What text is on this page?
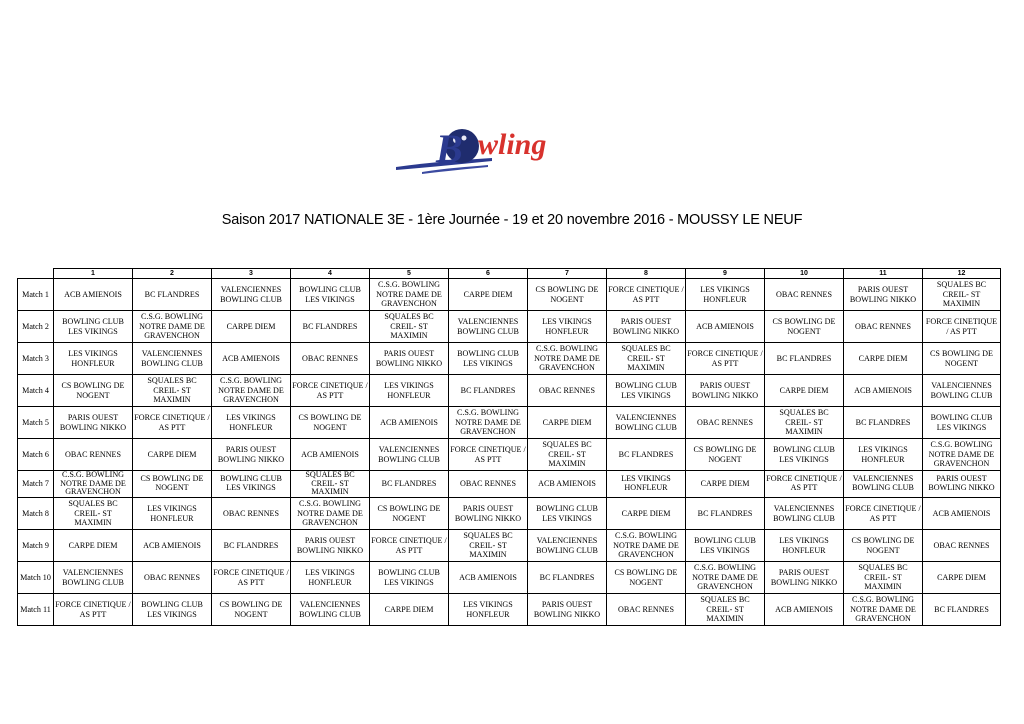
B wling
Saison 2017 NATIONALE 3E - 1ère Journée - 19 et 20 novembre 2016 - MOUSSY LE NEUF
	1	2	3	4	5	6	7	8	9	10	11	12
Match 1	ACB AMIENOIS	BC FLANDRES	VALENCIENNES BOWLING CLUB	BOWLING CLUB LES VIKINGS	C.S.G. BOWLING NOTRE DAME DE GRAVENCHON	CARPE DIEM	CS BOWLING DE NOGENT	FORCE CINETIQUE / AS PTT	LES VIKINGS HONFLEUR	OBAC RENNES	PARIS OUEST BOWLING NIKKO	SQUALES BC CREIL- ST MAXIMIN
Match 2	BOWLING CLUB LES VIKINGS	C.S.G. BOWLING NOTRE DAME DE GRAVENCHON	CARPE DIEM	BC FLANDRES	SQUALES BC CREIL- ST MAXIMIN	VALENCIENNES BOWLING CLUB	LES VIKINGS HONFLEUR	PARIS OUEST BOWLING NIKKO	ACB AMIENOIS	CS BOWLING DE NOGENT	OBAC RENNES	FORCE CINETIQUE / AS PTT
Match 3	LES VIKINGS HONFLEUR	VALENCIENNES BOWLING CLUB	ACB AMIENOIS	OBAC RENNES	PARIS OUEST BOWLING NIKKO	BOWLING CLUB LES VIKINGS	C.S.G. BOWLING NOTRE DAME DE GRAVENCHON	SQUALES BC CREIL- ST MAXIMIN	FORCE CINETIQUE / AS PTT	BC FLANDRES	CARPE DIEM	CS BOWLING DE NOGENT
Match 4	CS BOWLING DE NOGENT	SQUALES BC CREIL- ST MAXIMIN	C.S.G. BOWLING NOTRE DAME DE GRAVENCHON	FORCE CINETIQUE / AS PTT	LES VIKINGS HONFLEUR	BC FLANDRES	OBAC RENNES	BOWLING CLUB LES VIKINGS	PARIS OUEST BOWLING NIKKO	CARPE DIEM	ACB AMIENOIS	VALENCIENNES BOWLING CLUB
Match 5	PARIS OUEST BOWLING NIKKO	FORCE CINETIQUE / AS PTT	LES VIKINGS HONFLEUR	CS BOWLING DE NOGENT	ACB AMIENOIS	C.S.G. BOWLING NOTRE DAME DE GRAVENCHON	CARPE DIEM	VALENCIENNES BOWLING CLUB	OBAC RENNES	SQUALES BC CREIL- ST MAXIMIN	BC FLANDRES	BOWLING CLUB LES VIKINGS
Match 6	OBAC RENNES	CARPE DIEM	PARIS OUEST BOWLING NIKKO	ACB AMIENOIS	VALENCIENNES BOWLING CLUB	FORCE CINETIQUE / AS PTT	SQUALES BC CREIL- ST MAXIMIN	BC FLANDRES	CS BOWLING DE NOGENT	BOWLING CLUB LES VIKINGS	LES VIKINGS HONFLEUR	C.S.G. BOWLING NOTRE DAME DE GRAVENCHON
Match 7	C.S.G. BOWLING NOTRE DAME DE GRAVENCHON	CS BOWLING DE NOGENT	BOWLING CLUB LES VIKINGS	SQUALES BC CREIL- ST MAXIMIN	BC FLANDRES	OBAC RENNES	ACB AMIENOIS	LES VIKINGS HONFLEUR	CARPE DIEM	FORCE CINETIQUE / AS PTT	VALENCIENNES BOWLING CLUB	PARIS OUEST BOWLING NIKKO
Match 8	SQUALES BC CREIL- ST MAXIMIN	LES VIKINGS HONFLEUR	OBAC RENNES	C.S.G. BOWLING NOTRE DAME DE GRAVENCHON	CS BOWLING DE NOGENT	PARIS OUEST BOWLING NIKKO	BOWLING CLUB LES VIKINGS	CARPE DIEM	BC FLANDRES	VALENCIENNES BOWLING CLUB	FORCE CINETIQUE / AS PTT	ACB AMIENOIS
Match 9	CARPE DIEM	ACB AMIENOIS	BC FLANDRES	PARIS OUEST BOWLING NIKKO	FORCE CINETIQUE / AS PTT	SQUALES BC CREIL- ST MAXIMIN	VALENCIENNES BOWLING CLUB	C.S.G. BOWLING NOTRE DAME DE GRAVENCHON	BOWLING CLUB LES VIKINGS	LES VIKINGS HONFLEUR	CS BOWLING DE NOGENT	OBAC RENNES
Match 10	VALENCIENNES BOWLING CLUB	OBAC RENNES	FORCE CINETIQUE / AS PTT	LES VIKINGS HONFLEUR	BOWLING CLUB LES VIKINGS	ACB AMIENOIS	BC FLANDRES	CS BOWLING DE NOGENT	C.S.G. BOWLING NOTRE DAME DE GRAVENCHON	PARIS OUEST BOWLING NIKKO	SQUALES BC CREIL- ST MAXIMIN	CARPE DIEM
Match 11	FORCE CINETIQUE / AS PTT	BOWLING CLUB LES VIKINGS	CS BOWLING DE NOGENT	VALENCIENNES BOWLING CLUB	CARPE DIEM	LES VIKINGS HONFLEUR	PARIS OUEST BOWLING NIKKO	OBAC RENNES	SQUALES BC CREIL- ST MAXIMIN	ACB AMIENOIS	C.S.G. BOWLING NOTRE DAME DE GRAVENCHON	BC FLANDRES
